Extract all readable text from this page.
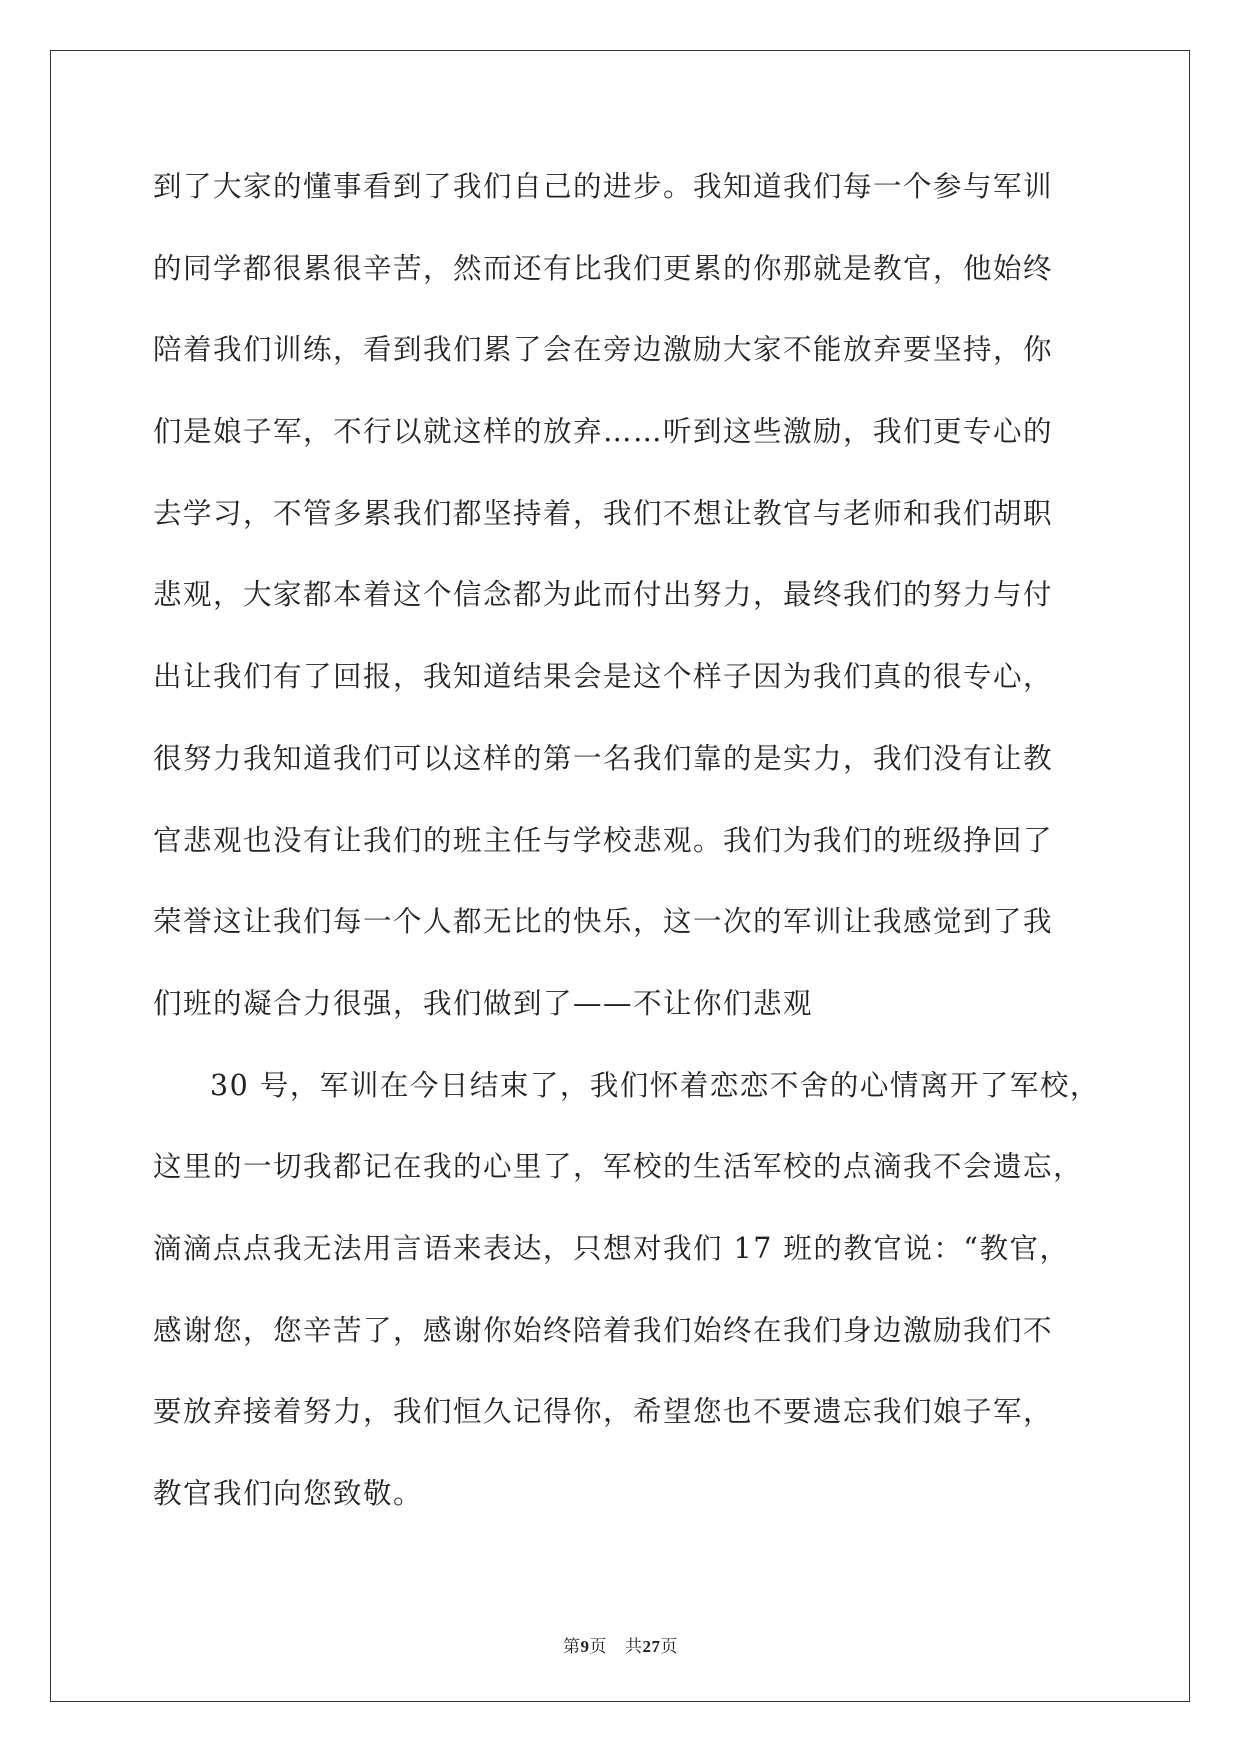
到了大家的懂事看到了我们自己的进步。我知道我们每一个参与军训
的同学都很累很辛苦，然而还有比我们更累的你那就是教官，他始终
陪着我们训练，看到我们累了会在旁边激励大家不能放弃要坚持，你
们是娘子军，不行以就这样的放弃……听到这些激励，我们更专心的
去学习，不管多累我们都坚持着，我们不想让教官与老师和我们胡职
悲观，大家都本着这个信念都为此而付出努力，最终我们的努力与付
出让我们有了回报，我知道结果会是这个样子因为我们真的很专心，
很努力我知道我们可以这样的第一名我们靠的是实力，我们没有让教
官悲观也没有让我们的班主任与学校悲观。我们为我们的班级挣回了
荣誉这让我们每一个人都无比的快乐，这一次的军训让我感觉到了我
们班的凝合力很强，我们做到了——不让你们悲观
30 号，军训在今日结束了，我们怀着恋恋不舍的心情离开了军校，
这里的一切我都记在我的心里了，军校的生活军校的点滴我不会遗忘，
滴滴点点我无法用言语来表达，只想对我们 17 班的教官说：“教官，
感谢您，您辛苦了，感谢你始终陪着我们始终在我们身边激励我们不
要放弃接着努力，我们恒久记得你，希望您也不要遗忘我们娘子军，
教官我们向您致敬。
第9页 共27页
